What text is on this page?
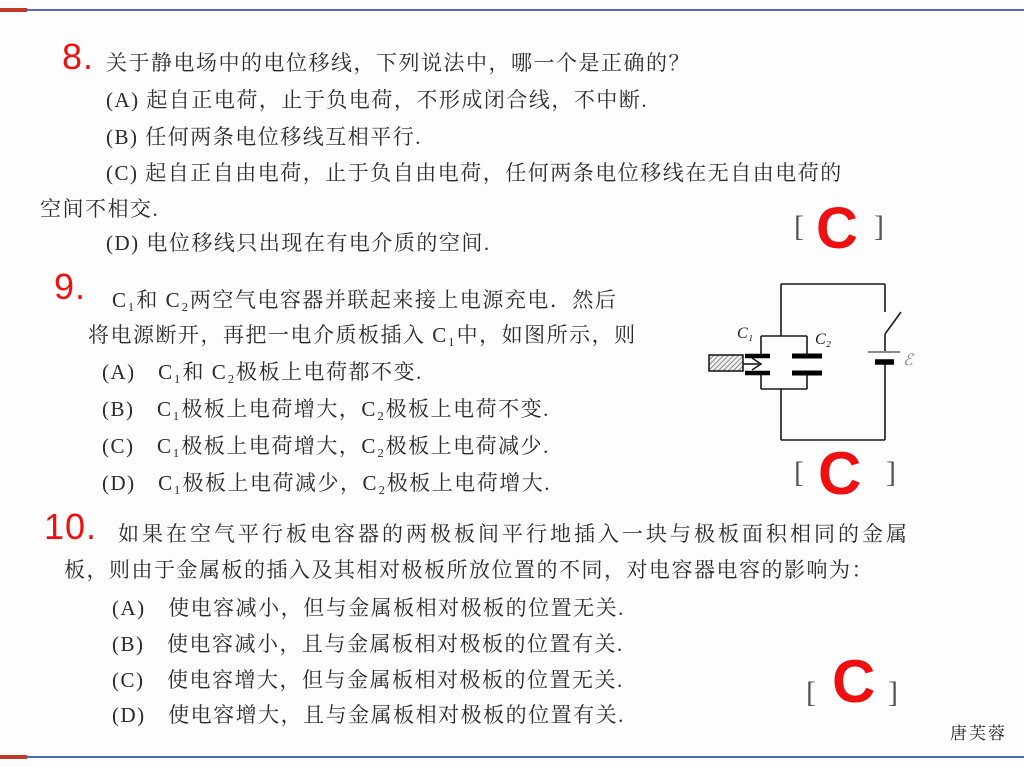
8. 关于静电场中的电位移线，下列说法中，哪一个是正确的？
(A) 起自正电荷，止于负电荷，不形成闭合线，不中断.
(B) 任何两条电位移线互相平行.
(C) 起自正自由电荷，止于负自由电荷，任何两条电位移线在无自由电荷的
空间不相交.
(D) 电位移线只出现在有电介质的空间.	[ C ]
9. C₁和 C₂两空气电容器并联起来接上电源充电．然后
将电源断开，再把一电介质板插入 C₁中，如图所示，则
(A)　C₁和 C₂极板上电荷都不变.
(B)　C₁极板上电荷增大，C₂极板上电荷不变.
(C)　C₁极板上电荷增大，C₂极板上电荷减少.
(D)　C₁极板上电荷减少，C₂极板上电荷增大.	[ C ]
C₁	C₂
ℰ
10. 如果在空气平行板电容器的两极板间平行地插入一块与极板面积相同的金属
板，则由于金属板的插入及其相对极板所放位置的不同，对电容器电容的影响为：
(A)　使电容减小，但与金属板相对极板的位置无关.
(B)　使电容减小，且与金属板相对极板的位置有关.
(C)　使电容增大，但与金属板相对极板的位置无关.
(D)　使电容增大，且与金属板相对极板的位置有关.
[ C ]
唐芙蓉
